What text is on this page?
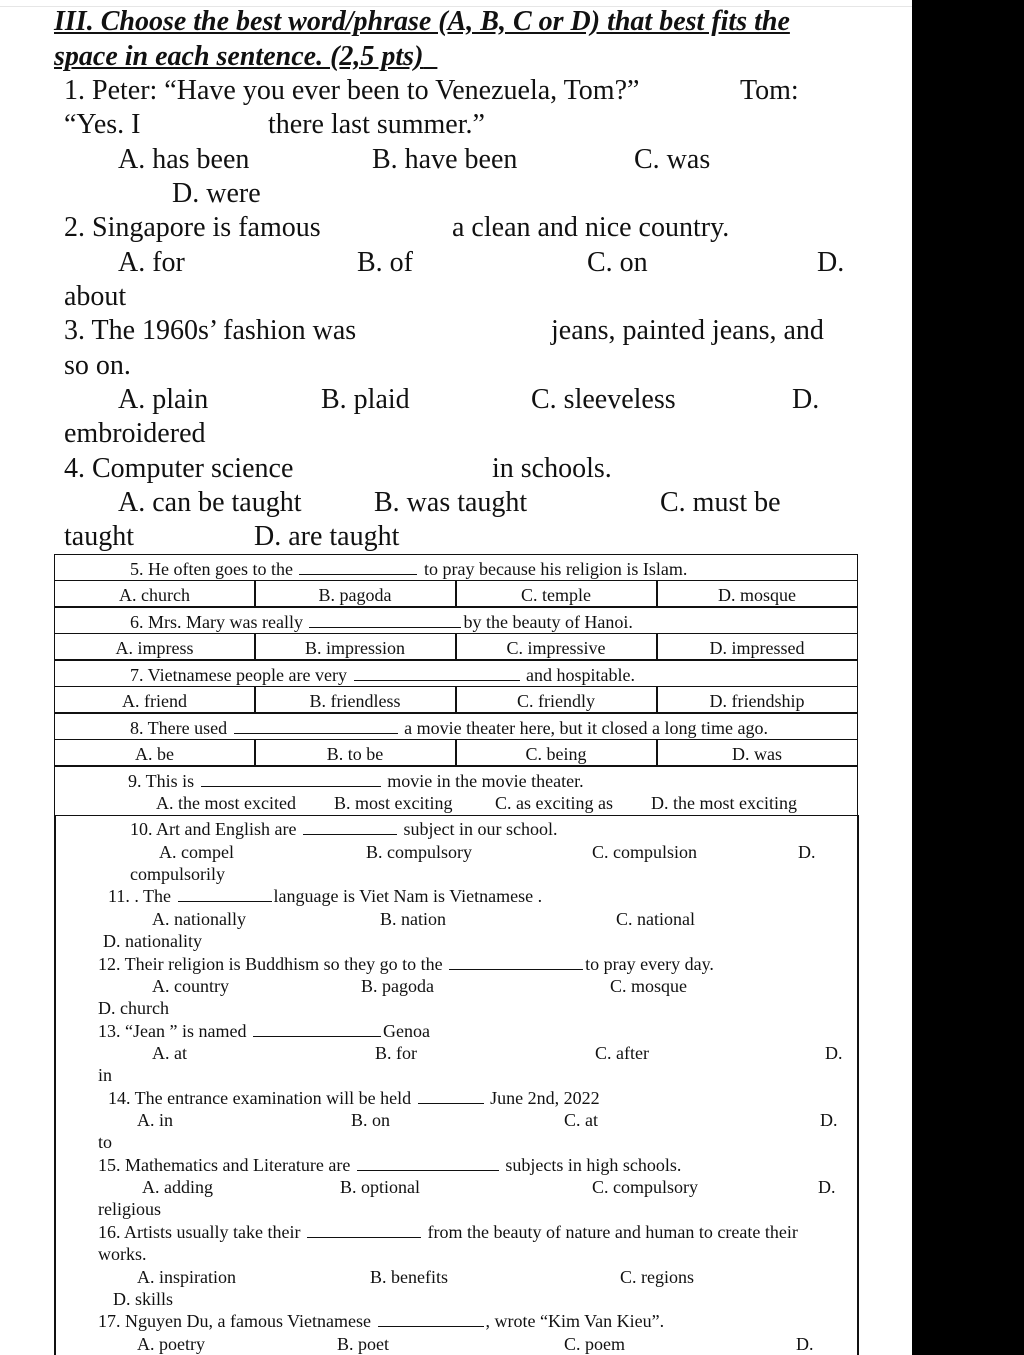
III. Choose the best word/phrase (A, B, C or D) that best fits the
space in each sentence. (2,5 pts)
1. Peter: “Have you ever been to Venezuela, Tom?”	Tom:
“Yes. I	there last summer.”
A. has been	B. have been	C. was
D. were
2. Singapore is famous	a clean and nice country.
A. for	B. of	C. on	D.
about
3. The 1960s’ fashion was	jeans, painted jeans, and
so on.
A. plain	B. plaid	C. sleeveless	D.
embroidered
4. Computer science	in schools.
A. can be taught	B. was taught	C. must be
taught	D. are taught
5. He often goes to the	to pray because his religion is Islam.
A. church	B. pagoda	C. temple	D. mosque
6. Mrs. Mary was really	by the beauty of Hanoi.
A. impress	B. impression	C. impressive	D. impressed
7. Vietnamese people are very	and hospitable.
A. friend	B. friendless	C. friendly	D. friendship
8. There used	a movie theater here, but it closed a long time ago.
A. be	B. to be	C. being	D. was
9. This is	movie in the movie theater.
A. the most excited B. most exciting C. as exciting as D. the most exciting
10. Art and English are	subject in our school.
A. compel	B. compulsory	C. compulsion	D.
compulsorily
11. . The	language is Viet Nam is Vietnamese .
A. nationally	B. nation	C. national
D. nationality
12. Their religion is Buddhism so they go to the	to pray every day.
A. country	B. pagoda	C. mosque
D. church
13. “Jean ” is named	Genoa
A. at	B. for	C. after	D.
in
14. The entrance examination will be held	June 2nd, 2022
A. in	B. on	C. at	D.
to
15. Mathematics and Literature are	subjects in high schools.
A. adding	B. optional	C. compulsory	D.
religious
16. Artists usually take their	from the beauty of nature and human to create their
works.
A. inspiration	B. benefits	C. regions
D. skills
17. Nguyen Du, a famous Vietnamese	, wrote “Kim Van Kieu”.
A. poetry	B. poet	C. poem	D.
